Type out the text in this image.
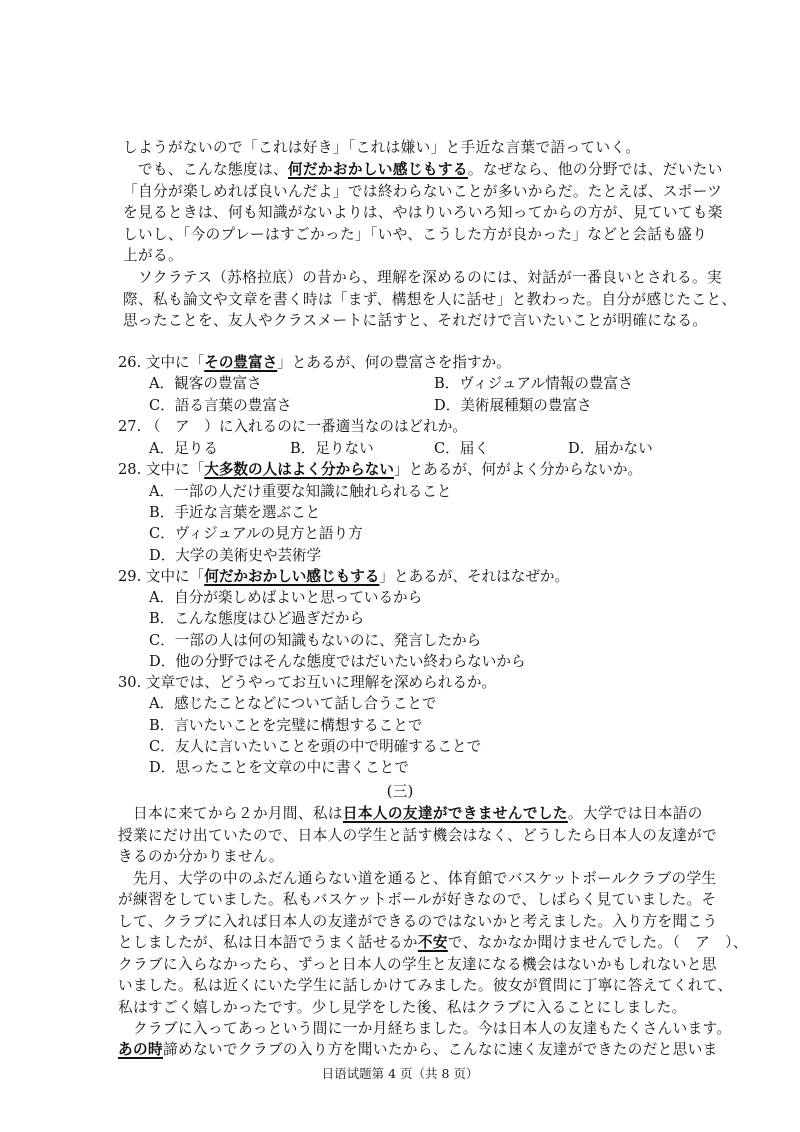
しようがないので「これは好き」「これは嫌い」と手近な言葉で語っていく。
　でも、こんな態度は、何だかおかしい感じもする。なぜなら、他の分野では、だいたい
「自分が楽しめれば良いんだよ」では終わらないことが多いからだ。たとえば、スポーツ
を見るときは、何も知識がないよりは、やはりいろいろ知ってからの方が、見ていても楽
しいし、「今のプレーはすごかった」「いや、こうした方が良かった」などと会話も盛り
上がる。
　ソクラテス（苏格拉底）の昔から、理解を深めるのには、対話が一番良いとされる。実
際、私も論文や文章を書く時は「まず、構想を人に話せ」と教わった。自分が感じたこと、
思ったことを、友人やクラスメートに話すと、それだけで言いたいことが明確になる。
26. 文中に「その豊富さ」とあるが、何の豊富さを指すか。
A．観客の豊富さ	B．ヴィジュアル情報の豊富さ
C．語る言葉の豊富さ	D．美術展種類の豊富さ
27. （　ア　）に入れるのに一番適当なのはどれか。
A．足りる	B．足りない	C．届く	D．届かない
28. 文中に「大多数の人はよく分からない」とあるが、何がよく分からないか。
A．一部の人だけ重要な知識に触れられること
B．手近な言葉を選ぶこと
C．ヴィジュアルの見方と語り方
D．大学の美術史や芸術学
29. 文中に「何だかおかしい感じもする」とあるが、それはなぜか。
A．自分が楽しめばよいと思っているから
B．こんな態度はひど過ぎだから
C．一部の人は何の知識もないのに、発言したから
D．他の分野ではそんな態度ではだいたい終わらないから
30. 文章では、どうやってお互いに理解を深められるか。
A．感じたことなどについて話し合うことで
B．言いたいことを完璧に構想することで
C．友人に言いたいことを頭の中で明確することで
D．思ったことを文章の中に書くことで
(三)
　日本に来てから２か月間、私は日本人の友達ができませんでした。大学では日本語の
授業にだけ出ていたので、日本人の学生と話す機会はなく、どうしたら日本人の友達がで
きるのか分かりません。
　先月、大学の中のふだん通らない道を通ると、体育館でバスケットボールクラブの学生
が練習をしていました。私もバスケットボールが好きなので、しばらく見ていました。そ
して、クラブに入れば日本人の友達ができるのではないかと考えました。入り方を聞こう
としましたが、私は日本語でうまく話せるか不安で、なかなか聞けませんでした。（　ア　）、
クラブに入らなかったら、ずっと日本人の学生と友達になる機会はないかもしれないと思
いました。私は近くにいた学生に話しかけてみました。彼女が質問に丁寧に答えてくれて、
私はすごく嬉しかったです。少し見学をした後、私はクラブに入ることにしました。
　クラブに入ってあっという間に一か月経ちました。今は日本人の友達もたくさんいます。
あの時諦めないでクラブの入り方を聞いたから、こんなに速く友達ができたのだと思いま
日语试题第 4 页（共 8 页）
